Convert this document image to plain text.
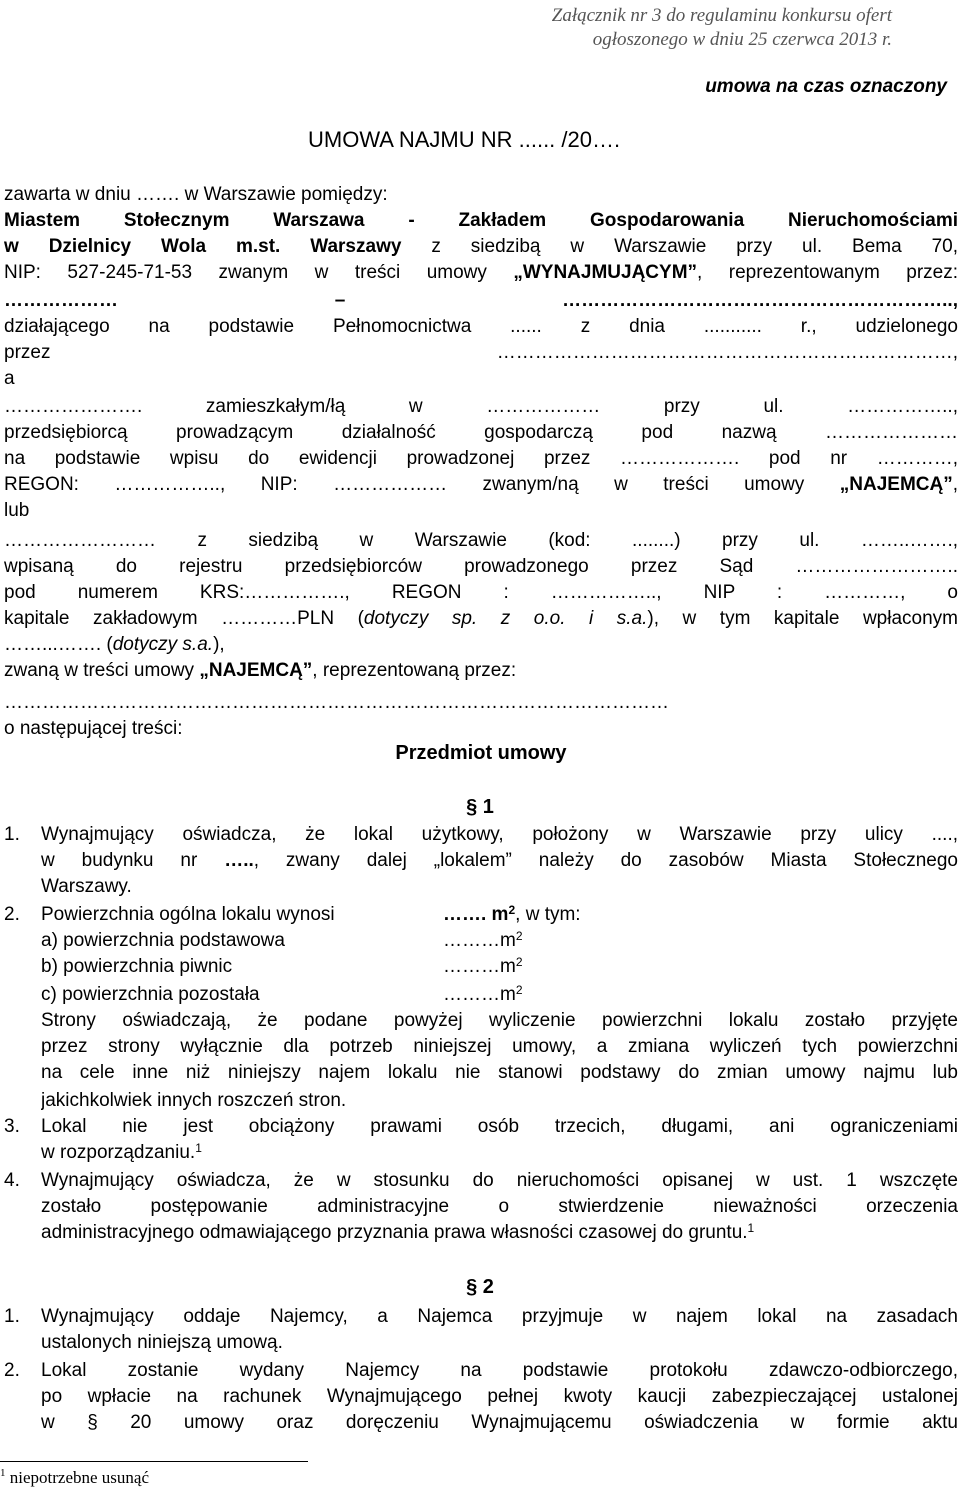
Załącznik nr 3 do regulaminu konkursu ofert
ogłoszonego w dniu 25 czerwca 2013 r.
umowa na czas oznaczony
UMOWA NAJMU NR ...... /20….
zawarta w dniu ……. w Warszawie pomiędzy:
Miastem Stołecznym Warszawa - Zakładem Gospodarowania Nieruchomościami
w Dzielnicy Wola m.st. Warszawy z siedzibą w Warszawie przy ul. Bema 70,
NIP: 527-245-71-53 zwanym w treści umowy „WYNAJMUJĄCYM”, reprezentowanym przez:
……………… – ……………………………………………………..,
działającego na podstawie Pełnomocnictwa ...... z dnia ........... r., udzielonego
przez ………………………………………………………………,
a
…………………. zamieszkałym/łą w ……………… przy ul. ……………..,
przedsiębiorcą prowadzącym działalność gospodarczą pod nazwą …………………
na podstawie wpisu do ewidencji prowadzonej przez ………………. pod nr …………,
REGON: …………….., NIP: ……………… zwanym/ną w treści umowy „NAJEMCĄ”,
lub
…………………… z siedzibą w Warszawie (kod: ........) przy ul. ……..…….,
wpisaną do rejestru przedsiębiorców prowadzonego przez Sąd ……………………..
pod numerem KRS:……………., REGON : …………….., NIP : …………, o
kapitale zakładowym …………PLN (dotyczy sp. z o.o. i s.a.), w tym kapitale wpłaconym
……...……. (dotyczy s.a.),
zwaną w treści umowy „NAJEMCĄ”, reprezentowaną przez:
……………………………………………………………………………………………
o następującej treści:
Przedmiot umowy
§ 1
1.	Wynajmujący oświadcza, że lokal użytkowy, położony w Warszawie przy ulicy ....,
w budynku nr ….., zwany dalej „lokalem” należy do zasobów Miasta Stołecznego
Warszawy.
2.	Powierzchnia ogólna lokalu wynosi	……. $m^2$, w tym:
a) powierzchnia podstawowa	$\dots\dots\dots m^2$
b) powierzchnia piwnic	$\dots\dots\dots m^2$
c) powierzchnia pozostała	$\dots\dots\dots m^2$
Strony oświadczają, że podane powyżej wyliczenie powierzchni lokalu zostało przyjęte
przez strony wyłącznie dla potrzeb niniejszej umowy, a zmiana wyliczeń tych powierzchni
na cele inne niż niniejszy najem lokalu nie stanowi podstawy do zmian umowy najmu lub
jakichkolwiek innych roszczeń stron.
3.	Lokal nie jest obciążony prawami osób trzecich, długami, ani ograniczeniami
w rozporządzaniu.$^1$
4.	Wynajmujący oświadcza, że w stosunku do nieruchomości opisanej w ust. 1 wszczęte
zostało postępowanie administracyjne o stwierdzenie nieważności orzeczenia
administracyjnego odmawiającego przyznania prawa własności czasowej do gruntu.$^1$
§ 2
1.	Wynajmujący oddaje Najemcy, a Najemca przyjmuje w najem lokal na zasadach
ustalonych niniejszą umową.
2.	Lokal zostanie wydany Najemcy na podstawie protokołu zdawczo-odbiorczego,
po wpłacie na rachunek Wynajmującego pełnej kwoty kaucji zabezpieczającej ustalonej
w § 20 umowy oraz doręczeniu Wynajmującemu oświadczenia w formie aktu
$^1$ niepotrzebne usunąć
